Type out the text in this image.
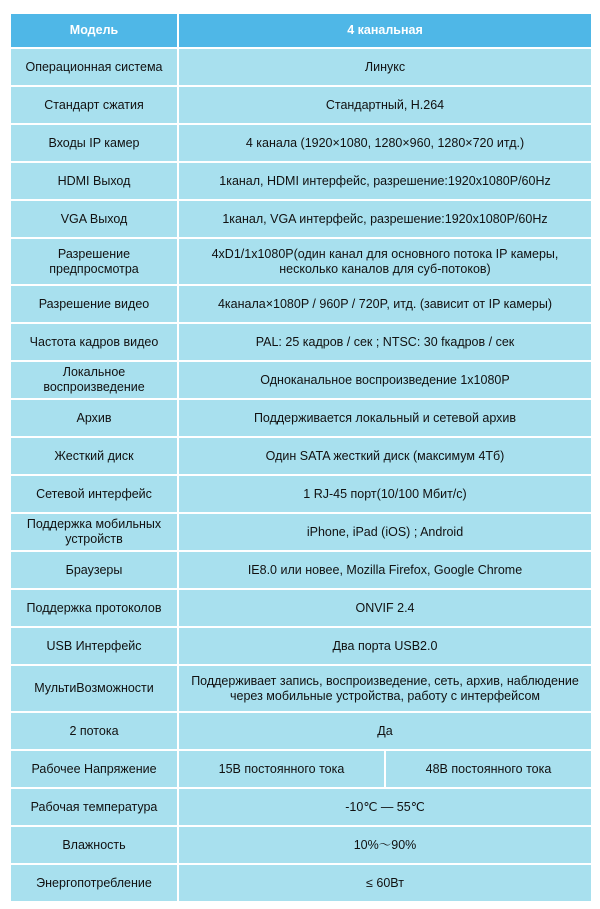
Модель	4 канальная	
Операционная система	Линукс	
Стандарт сжатия	Стандартный, H.264	
Входы IP камер	4 канала (1920×1080, 1280×960, 1280×720 итд.)	
HDMI Выход	1канал, HDMI интерфейс, разрешение:1920x1080P/60Hz	
VGA Выход	1канал, VGA интерфейс, разрешение:1920x1080P/60Hz	
Разрешение предпросмотра	4xD1/1x1080P(один канал для основного потока IP камеры, несколько каналов для суб-потоков)	
Разрешение видео	4канала×1080P / 960P / 720P, итд. (зависит от IP камеры)	
Частота кадров видео	PAL: 25 кадров / сек ; NTSC: 30 fкадров / сек	
Локальное воспроизведение	Одноканальное воспроизведение 1x1080P	
Архив	Поддерживается локальный и сетевой архив	
Жесткий диск	Один SATA жесткий диск (максимум 4Тб)	
Сетевой интерфейс	1 RJ-45 порт(10/100 Мбит/с)	
Поддержка мобильных устройств	iPhone, iPad (iOS) ; Android	
Браузеры	IE8.0 или новее, Mozilla Firefox, Google Chrome	
Поддержка протоколов	ONVIF 2.4	
USB Интерфейс	Два порта USB2.0	
МультиВозможности	Поддерживает запись, воспроизведение, сеть, архив, наблюдение через мобильные устройства, работу с интерфейсом	
2 потока	Да	
Рабочее Напряжение	15В постоянного тока	48В постоянного тока
Рабочая температура	-10℃ — 55℃	
Влажность	10%～90%	
Энергопотребление	≤ 60Вт	
